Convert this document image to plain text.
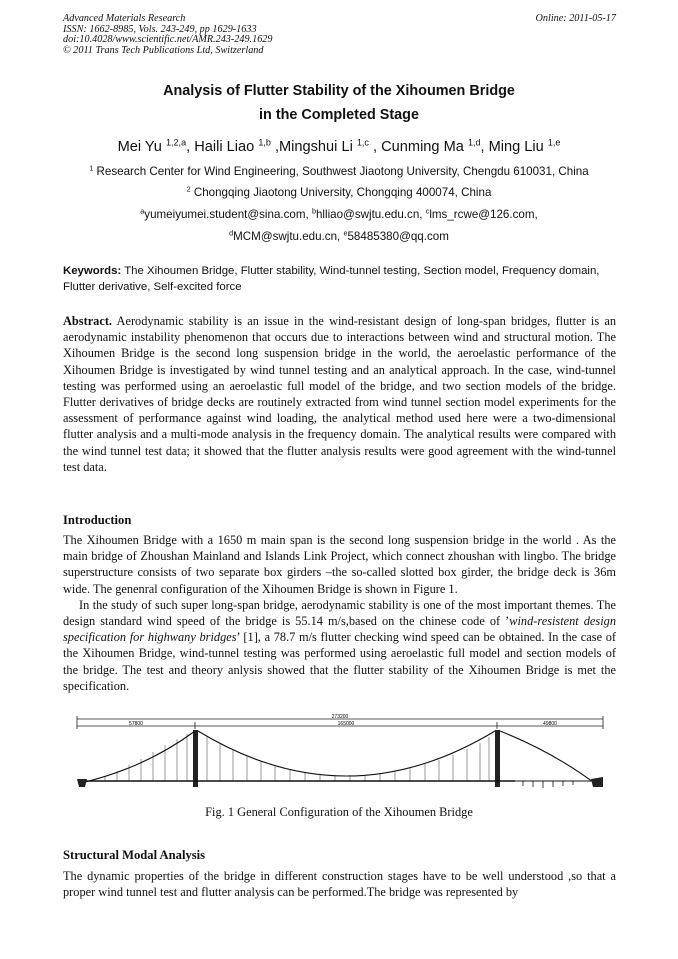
Advanced Materials Research
ISSN: 1662-8985, Vols. 243-249, pp 1629-1633
doi:10.4028/www.scientific.net/AMR.243-249.1629
© 2011 Trans Tech Publications Ltd, Switzerland
Online: 2011-05-17
Analysis of Flutter Stability of the Xihoumen Bridge
in the Completed Stage
Mei Yu $^{1,2,a}$, Haili Liao $^{1,b}$ ,Mingshui Li $^{1,c}$ , Cunming Ma $^{1,d}$, Ming Liu $^{1,e}$
$^1$ Research Center for Wind Engineering, Southwest Jiaotong University, Chengdu 610031, China
$^2$ Chongqing Jiaotong University, Chongqing 400074, China
$^a$yumeiyumei.student@sina.com, $^b$hlliao@swjtu.edu.cn, $^c$lms_rcwe@126.com,
$^d$MCM@swjtu.edu.cn, $^e$58485380@qq.com
Keywords: The Xihoumen Bridge, Flutter stability, Wind-tunnel testing, Section model, Frequency domain, Flutter derivative, Self-excited force
Abstract. Aerodynamic stability is an issue in the wind-resistant design of long-span bridges, flutter is an aerodynamic instability phenomenon that occurs due to interactions between wind and structural motion. The Xihoumen Bridge is the second long suspension bridge in the world, the aeroelastic performance of the Xihoumen Bridge is investigated by wind tunnel testing and an analytical approach. In the case, wind-tunnel testing was performed using an aeroelastic full model of the bridge, and two section models of the bridge. Flutter derivatives of bridge decks are routinely extracted from wind tunnel section model experiments for the assessment of performance against wind loading, the analytical method used here were a two-dimensional flutter analysis and a multi-mode analysis in the frequency domain. The analytical results were compared with the wind tunnel test data; it showed that the flutter analysis results were good agreement with the wind-tunnel test data.
Introduction
The Xihoumen Bridge with a 1650 m main span is the second long suspension bridge in the world . As the main bridge of Zhoushan Mainland and Islands Link Project, which connect zhoushan with lingbo. The bridge superstructure consists of two separate box girders –the so-called slotted box girder, the bridge deck is 36m wide. The genenral configuration of the Xihoumen Bridge is shown in Figure 1.
In the study of such super long-span bridge, aerodynamic stability is one of the most important themes. The design standard wind speed of the bridge is 55.14 m/s,based on the chinese code of ’wind-resistent design specification for highwany bridges’ [1], a 78.7 m/s flutter checking wind speed can be obtained. In the case of the Xihoumen Bridge, wind-tunnel testing was performed using aeroelastic full model and section models of the bridge. The test and theory anlysis showed that the flutter stability of the Xihoumen Bridge is met the specification.
273200
57800	165000	49800
Fig. 1 General Configuration of the Xihoumen Bridge
Structural Modal Analysis
The dynamic properties of the bridge in different construction stages have to be well understood ,so that a proper wind tunnel test and flutter analysis can be performed.The bridge was represented by
